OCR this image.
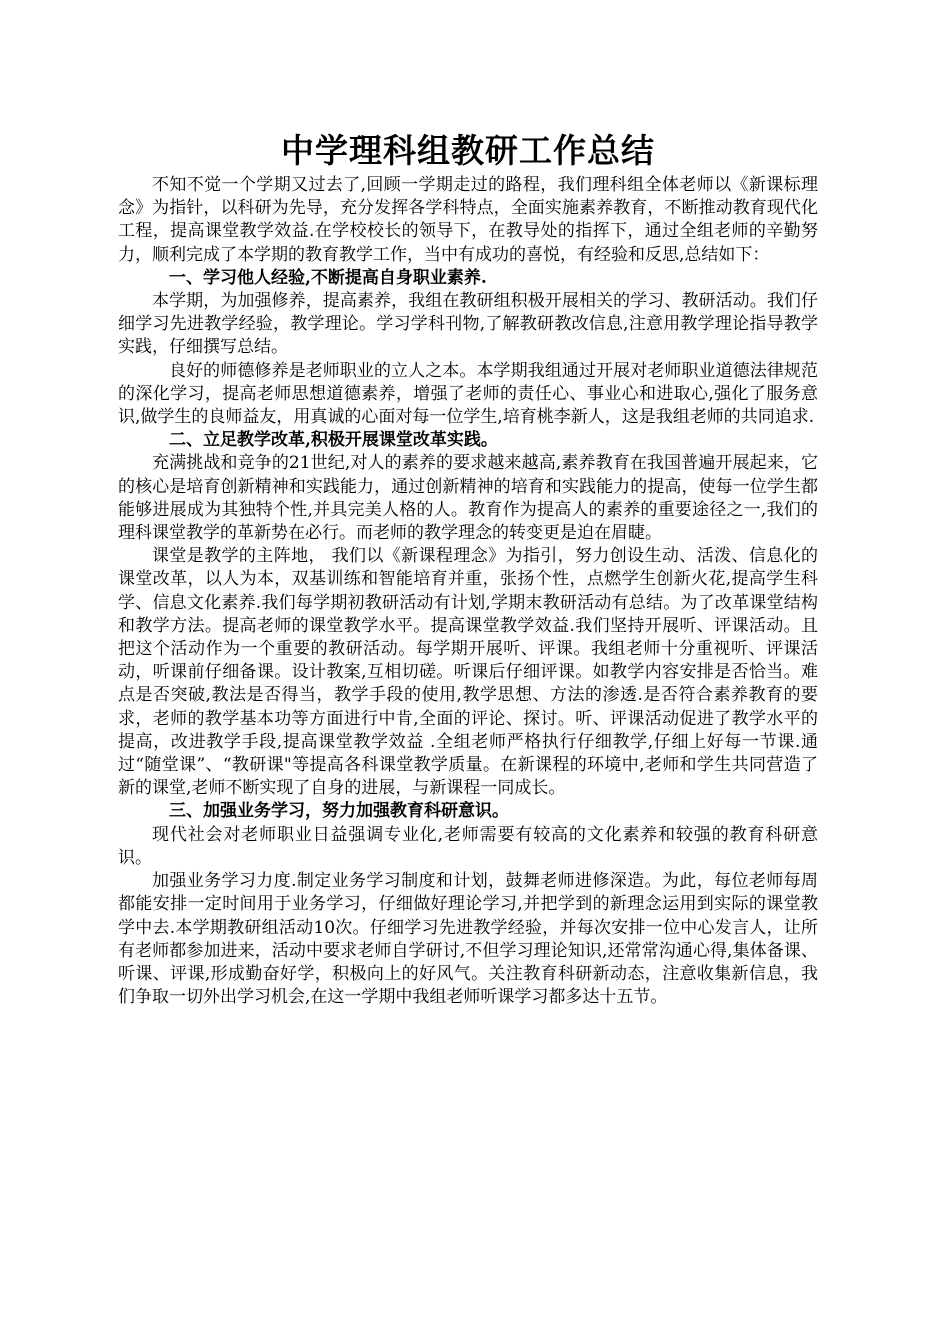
中学理科组教研工作总结

不知不觉一个学期又过去了,回顾一学期走过的路程，我们理科组全体老师以《新课标理念》为指针，以科研为先导，充分发挥各学科特点，全面实施素养教育，不断推动教育现代化工程，提高课堂教学效益.在学校校长的领导下，在教导处的指挥下，通过全组老师的辛勤努力，顺利完成了本学期的教育教学工作，当中有成功的喜悦，有经验和反思,总结如下：

一、学习他人经验,不断提高自身职业素养.

本学期，为加强修养，提高素养，我组在教研组积极开展相关的学习、教研活动。我们仔细学习先进教学经验，教学理论。学习学科刊物,了解教研教改信息,注意用教学理论指导教学实践，仔细撰写总结。

良好的师德修养是老师职业的立人之本。本学期我组通过开展对老师职业道德法律规范的深化学习，提高老师思想道德素养，增强了老师的责任心、事业心和进取心,强化了服务意识,做学生的良师益友，用真诚的心面对每一位学生,培育桃李新人，这是我组老师的共同追求.

二、立足教学改革,积极开展课堂改革实践。

充满挑战和竞争的21世纪,对人的素养的要求越来越高,素养教育在我国普遍开展起来，它的核心是培育创新精神和实践能力，通过创新精神的培育和实践能力的提高，使每一位学生都能够进展成为其独特个性,并具完美人格的人。教育作为提高人的素养的重要途径之一,我们的理科课堂教学的革新势在必行。而老师的教学理念的转变更是迫在眉睫。

课堂是教学的主阵地， 我们以《新课程理念》为指引，努力创设生动、活泼、信息化的课堂改革，以人为本，双基训练和智能培育并重，张扬个性，点燃学生创新火花,提高学生科学、信息文化素养.我们每学期初教研活动有计划,学期末教研活动有总结。为了改革课堂结构和教学方法。提高老师的课堂教学水平。提高课堂教学效益.我们坚持开展听、评课活动。且把这个活动作为一个重要的教研活动。每学期开展听、评课。我组老师十分重视听、评课活动，听课前仔细备课。设计教案,互相切磋。听课后仔细评课。如教学内容安排是否恰当。难点是否突破,教法是否得当，教学手段的使用,教学思想、方法的渗透.是否符合素养教育的要求，老师的教学基本功等方面进行中肯,全面的评论、探讨。听、评课活动促进了教学水平的提高，改进教学手段,提高课堂教学效益 .全组老师严格执行仔细教学,仔细上好每一节课.通过“随堂课”、“教研课"等提高各科课堂教学质量。在新课程的环境中,老师和学生共同营造了新的课堂,老师不断实现了自身的进展，与新课程一同成长。

三、加强业务学习，努力加强教育科研意识。

现代社会对老师职业日益强调专业化,老师需要有较高的文化素养和较强的教育科研意识。

加强业务学习力度.制定业务学习制度和计划，鼓舞老师进修深造。为此，每位老师每周都能安排一定时间用于业务学习，仔细做好理论学习,并把学到的新理念运用到实际的课堂教学中去.本学期教研组活动10次。仔细学习先进教学经验，并每次安排一位中心发言人，让所有老师都参加进来，活动中要求老师自学研讨,不但学习理论知识,还常常沟通心得,集体备课、听课、评课,形成勤奋好学，积极向上的好风气。关注教育科研新动态，注意收集新信息，我们争取一切外出学习机会,在这一学期中我组老师听课学习都多达十五节。
